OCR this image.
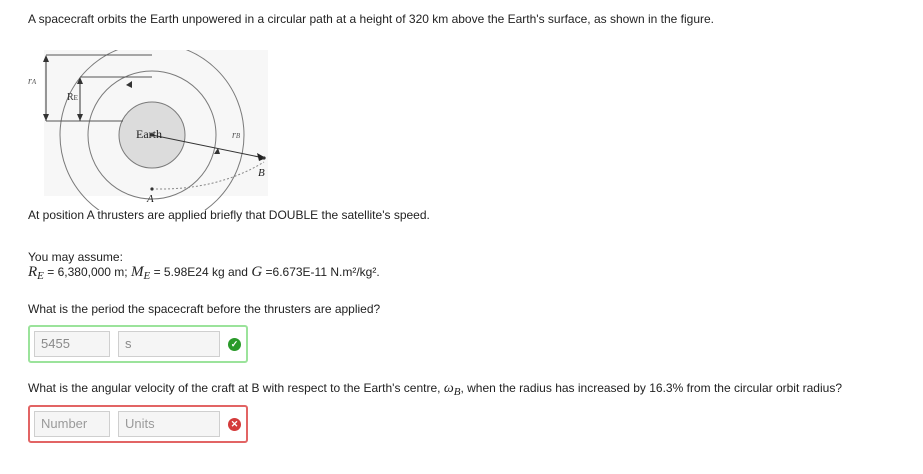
A spacecraft orbits the Earth unpowered in a circular path at a height of 320 km above the Earth's surface, as shown in the figure.
rA
RE
Earth	rB
B
A
At position A thrusters are applied briefly that DOUBLE the satellite's speed.
You may assume:
RE = 6,380,000 m; ME = 5.98E24 kg and G =6.673E-11 N.m²/kg².
What is the period the spacecraft before the thrusters are applied?
5455	s	✓
What is the angular velocity of the craft at B with respect to the Earth's centre, ωB, when the radius has increased by 16.3% from the circular orbit radius?
Number	Units	✕
